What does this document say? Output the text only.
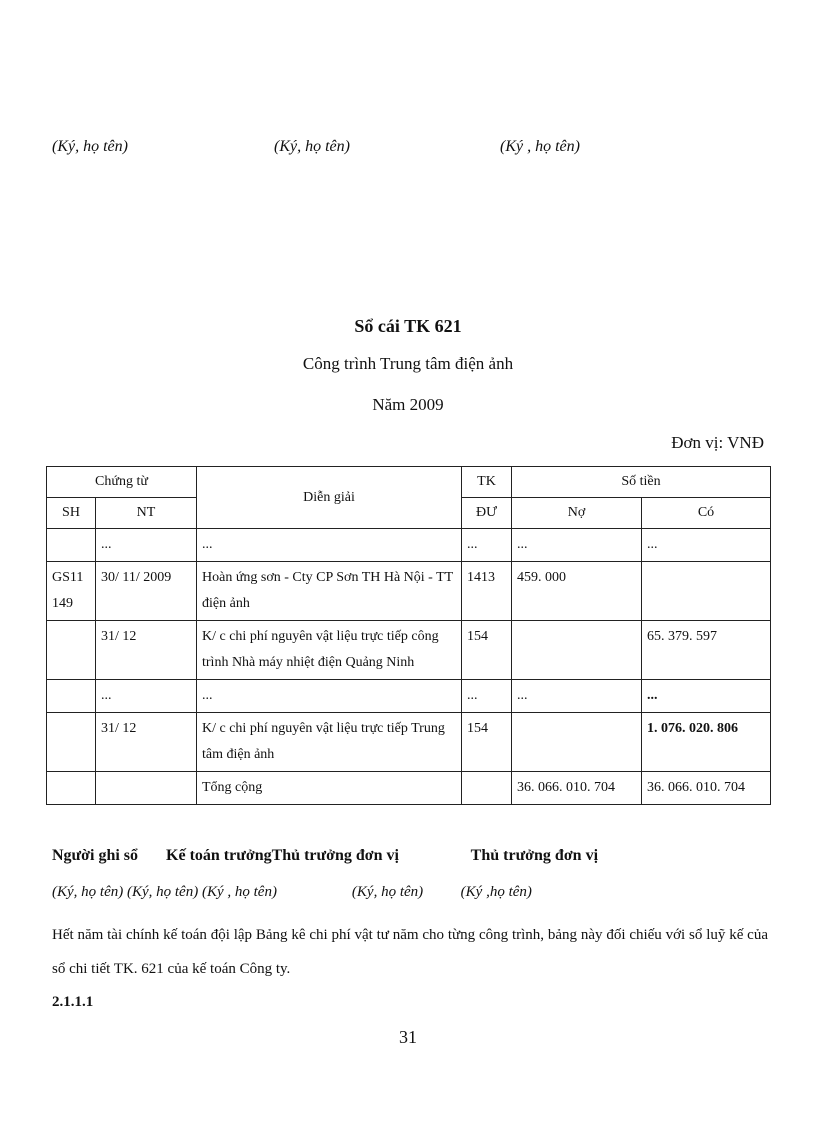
(Ký, họ tên)	(Ký, họ tên)	(Ký , họ tên)
Sổ cái TK 621
Công trình Trung tâm điện ảnh
Năm 2009
Đơn vị: VNĐ
Chứng từ		Diễn giải	TK	Số tiền	
SH	NT		ĐƯ	Nợ	Có
	...	...	...	...	...
GS11 149	30/ 11/ 2009	Hoàn ứng sơn - Cty CP Sơn TH Hà Nội - TT điện ảnh	1413	459. 000	
	31/ 12	K/ c chi phí nguyên vật liệu trực tiếp công trình Nhà máy nhiệt điện Quảng Ninh	154		65. 379. 597
	...	...	...	...	...
	31/ 12	K/ c chi phí nguyên vật liệu trực tiếp Trung tâm điện ảnh	154		1. 076. 020. 806
		Tổng cộng		36. 066. 010. 704	36. 066. 010. 704
Người ghi sổ       Kế toán trưởngThủ trưởng đơn vị                  Thủ trưởng đơn vị
(Ký, họ tên) (Ký, họ tên) (Ký , họ tên)                    (Ký, họ tên)          (Ký ,họ tên)
Hết năm tài chính kế toán đội lập Bảng kê chi phí vật tư năm cho từng công trình, bảng này đối chiếu với sổ luỹ kế của sổ chi tiết TK. 621 của kế toán Công ty.
2.1.1.1
31
